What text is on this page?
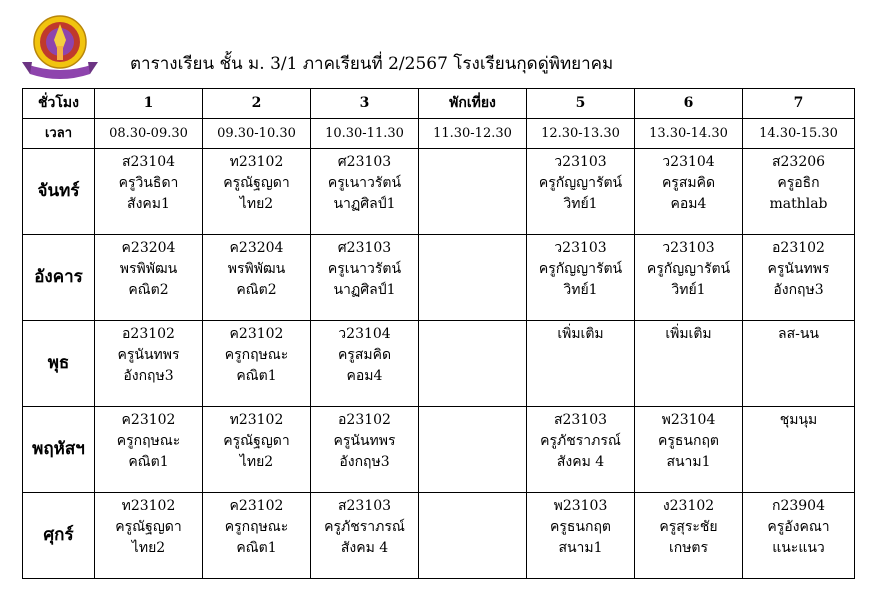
ตารางเรียน ชั้น ม. 3/1 ภาคเรียนที่ 2/2567 โรงเรียนกุดดู่พิทยาคม
ชั่วโมง	1	2	3	พักเที่ยง	5	6	7
เวลา	08.30-09.30	09.30-10.30	10.30-11.30	11.30-12.30	12.30-13.30	13.30-14.30	14.30-15.30
จันทร์	ส23104
ครูวินธิดา
สังคม1	ท23102
ครูณัฐญดา
ไทย2	ศ23103
ครูเนาวรัตน์
นาฏศิลป์1		ว23103
ครูกัญญารัตน์
วิทย์1	ว23104
ครูสมคิด
คอม4	ส23206
ครูอธิก
mathlab

อังคาร	ค23204
พรพิพัฒน
คณิต2	ค23204
พรพิพัฒน
คณิต2	ศ23103
ครูเนาวรัตน์
นาฏศิลป์1		ว23103
ครูกัญญารัตน์
วิทย์1	ว23103
ครูกัญญารัตน์
วิทย์1	อ23102
ครูนันทพร
อังกฤษ3

พุธ	อ23102
ครูนันทพร
อังกฤษ3	ค23102
ครูกฤษณะ
คณิต1	ว23104
ครูสมคิด
คอม4		เพิ่มเติม	เพิ่มเติม	ลส-นน

พฤหัสฯ	ค23102
ครูกฤษณะ
คณิต1	ท23102
ครูณัฐญดา
ไทย2	อ23102
ครูนันทพร
อังกฤษ3		ส23103
ครูภัชราภรณ์
สังคม 4	พ23104
ครูธนกฤต
สนาม1	ชุมนุม

ศุกร์	ท23102
ครูณัฐญดา
ไทย2	ค23102
ครูกฤษณะ
คณิต1	ส23103
ครูภัชราภรณ์
สังคม 4		พ23103
ครูธนกฤต
สนาม1	ง23102
ครูสุระชัย
เกษตร	ก23904
ครูอังคณา
แนะแนว
